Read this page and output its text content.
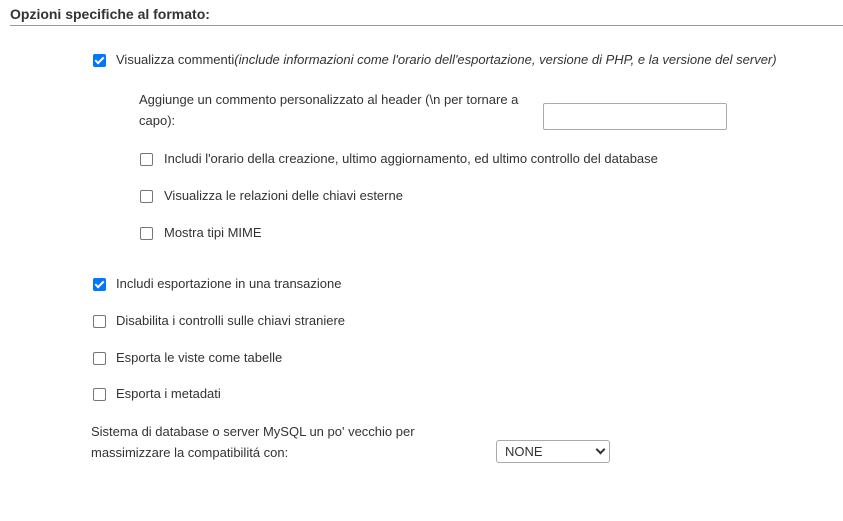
Opzioni specifiche al formato:
Visualizza commenti(include informazioni come l'orario dell'esportazione, versione di PHP, e la versione del server)
Aggiunge un commento personalizzato al header (\n per tornare a
capo):
Includi l'orario della creazione, ultimo aggiornamento, ed ultimo controllo del database
Visualizza le relazioni delle chiavi esterne
Mostra tipi MIME
Includi esportazione in una transazione
Disabilita i controlli sulle chiavi straniere
Esporta le viste come tabelle
Esporta i metadati
Sistema di database o server MySQL un po' vecchio per
massimizzare la compatibilitá con:	NONE
